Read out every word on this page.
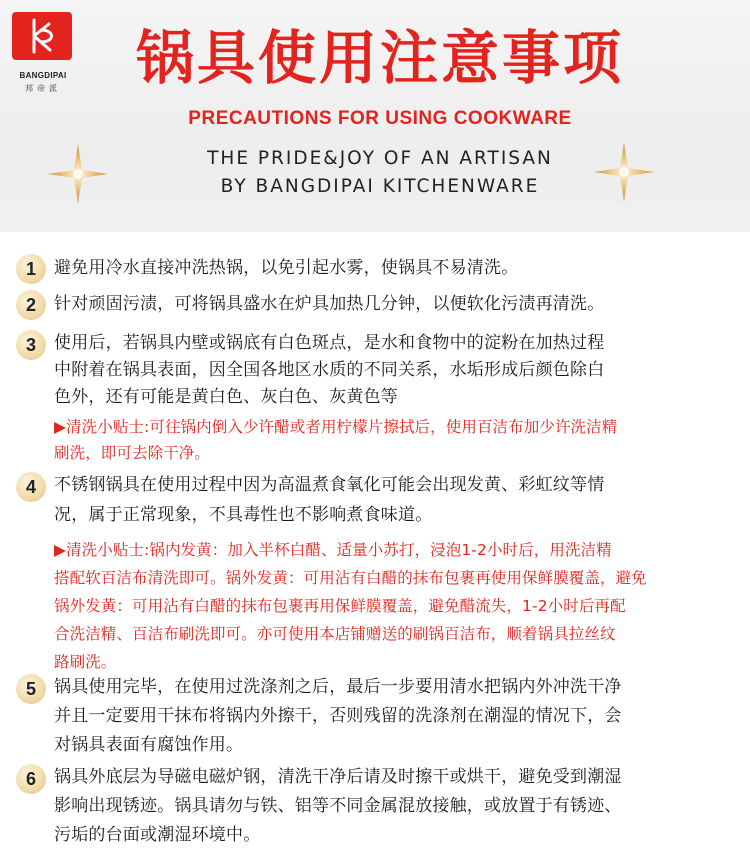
BANGDIPAI
邦帝派	锅具使用注意事项
PRECAUTIONS FOR USING COOKWARE
THE PRIDE&JOY OF AN ARTISAN
BY BANGDIPAI KITCHENWARE
1	避免用冷水直接冲洗热锅，以免引起水雾，使锅具不易清洗。
2	针对顽固污渍，可将锅具盛水在炉具加热几分钟，以便软化污渍再清洗。
3	使用后，若锅具内壁或锅底有白色斑点，是水和食物中的淀粉在加热过程
中附着在锅具表面，因全国各地区水质的不同关系，水垢形成后颜色除白
色外，还有可能是黄白色、灰白色、灰黄色等
▶清洗小贴士:可往锅内倒入少许醋或者用柠檬片擦拭后，使用百洁布加少许洗洁精
刷洗，即可去除干净。
4	不锈钢锅具在使用过程中因为高温煮食氧化可能会出现发黄、彩虹纹等情
况，属于正常现象，不具毒性也不影响煮食味道。
▶清洗小贴士:锅内发黄：加入半杯白醋、适量小苏打，浸泡1-2小时后，用洗洁精
搭配软百洁布清洗即可。锅外发黄：可用沾有白醋的抹布包裹再使用保鲜膜覆盖，避免
锅外发黄：可用沾有白醋的抹布包裹再用保鲜膜覆盖，避免醋流失，1-2小时后再配
合洗洁精、百洁布刷洗即可。亦可使用本店铺赠送的刷锅百洁布，顺着锅具拉丝纹
路刷洗。
5	锅具使用完毕，在使用过洗涤剂之后，最后一步要用清水把锅内外冲洗干净
并且一定要用干抹布将锅内外擦干，否则残留的洗涤剂在潮湿的情况下，会
对锅具表面有腐蚀作用。
6	锅具外底层为导磁电磁炉钢，清洗干净后请及时擦干或烘干，避免受到潮湿
影响出现锈迹。锅具请勿与铁、铝等不同金属混放接触，或放置于有锈迹、
污垢的台面或潮湿环境中。
